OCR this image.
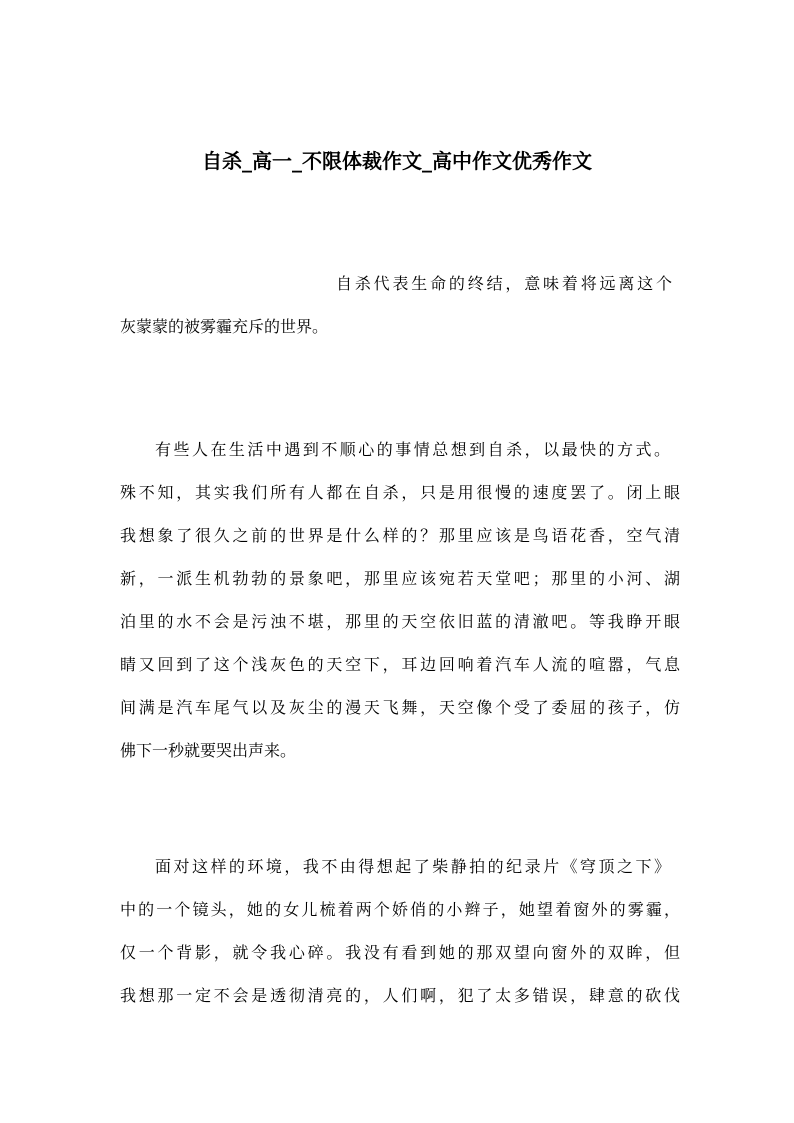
自杀_高一_不限体裁作文_高中作文优秀作文
自杀代表生命的终结，意味着将远离这个
灰蒙蒙的被雾霾充斥的世界。
有些人在生活中遇到不顺心的事情总想到自杀，以最快的方式。
殊不知，其实我们所有人都在自杀，只是用很慢的速度罢了。闭上眼
我想象了很久之前的世界是什么样的？那里应该是鸟语花香，空气清
新，一派生机勃勃的景象吧，那里应该宛若天堂吧；那里的小河、湖
泊里的水不会是污浊不堪，那里的天空依旧蓝的清澈吧。等我睁开眼
睛又回到了这个浅灰色的天空下，耳边回响着汽车人流的喧嚣，气息
间满是汽车尾气以及灰尘的漫天飞舞，天空像个受了委屈的孩子，仿
佛下一秒就要哭出声来。
面对这样的环境，我不由得想起了柴静拍的纪录片《穹顶之下》
中的一个镜头，她的女儿梳着两个娇俏的小辫子，她望着窗外的雾霾，
仅一个背影，就令我心碎。我没有看到她的那双望向窗外的双眸，但
我想那一定不会是透彻清亮的，人们啊，犯了太多错误，肆意的砍伐
